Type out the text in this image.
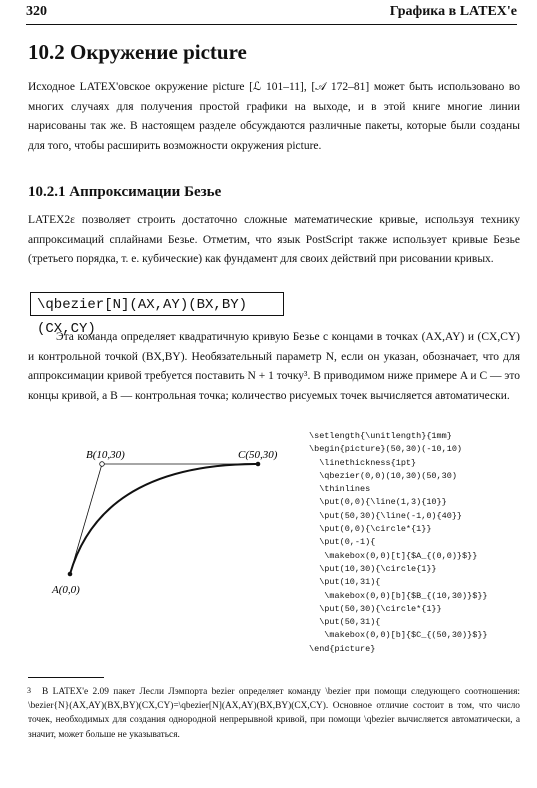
320	Графика в LATEX'е
10.2 Окружение picture
Исходное LATEX'овское окружение picture [ℒ 101–11], [𝒜 172–81] может быть использовано во многих случаях для получения простой графики на выходе, и в этой книге многие линии нарисованы так же. В настоящем разделе обсуждаются различные пакеты, которые были созданы для того, чтобы расширить возможности окружения picture.
10.2.1 Аппроксимации Безье
LATEX2ε позволяет строить достаточно сложные математические кривые, используя технику аппроксимаций сплайнами Безье. Отметим, что язык PostScript также использует кривые Безье (третьего порядка, т. е. кубические) как фундамент для своих действий при рисовании кривых.
\qbezier[N](AX,AY)(BX,BY)(CX,CY)
Эта команда определяет квадратичную кривую Безье с концами в точках (AX,AY) и (CX,CY) и контрольной точкой (BX,BY). Необязательный параметр N, если он указан, обозначает, что для аппроксимации кривой требуется поставить N + 1 точку³. В приводимом ниже примере A и C — это концы кривой, а B — контрольная точка; количество рисуемых точек вычисляется автоматически.
A(0,0)
B(10,30)	C(50,30)
\setlength{\unitlength}{1mm}
\begin{picture}(50,30)(-10,10)
\linethickness{1pt}
\qbezier(0,0)(10,30)(50,30)
\thinlines
\put(0,0){\line(1,3){10}}
\put(50,30){\line(-1,0){40}}
\put(0,0){\circle*{1}}
\put(0,-1){
\makebox(0,0)[t]{$A_{(0,0)}$}}
\put(10,30){\circle{1}}
\put(10,31){
\makebox(0,0)[b]{$B_{(10,30)}$}}
\put(50,30){\circle*{1}}
\put(50,31){
\makebox(0,0)[b]{$C_{(50,30)}$}}
\end{picture}
3	В LATEX'е 2.09 пакет Лесли Лэмпорта bezier определяет команду \bezier при помощи следующего соотношения: \bezier{N}(AX,AY)(BX,BY)(CX,CY)=\qbezier[N](AX,AY)(BX,BY)(CX,CY). Основное отличие состоит в том, что число точек, необходимых для создания однородной непрерывной кривой, при помощи \qbezier вычисляется автоматически, а значит, может больше не указываться.
